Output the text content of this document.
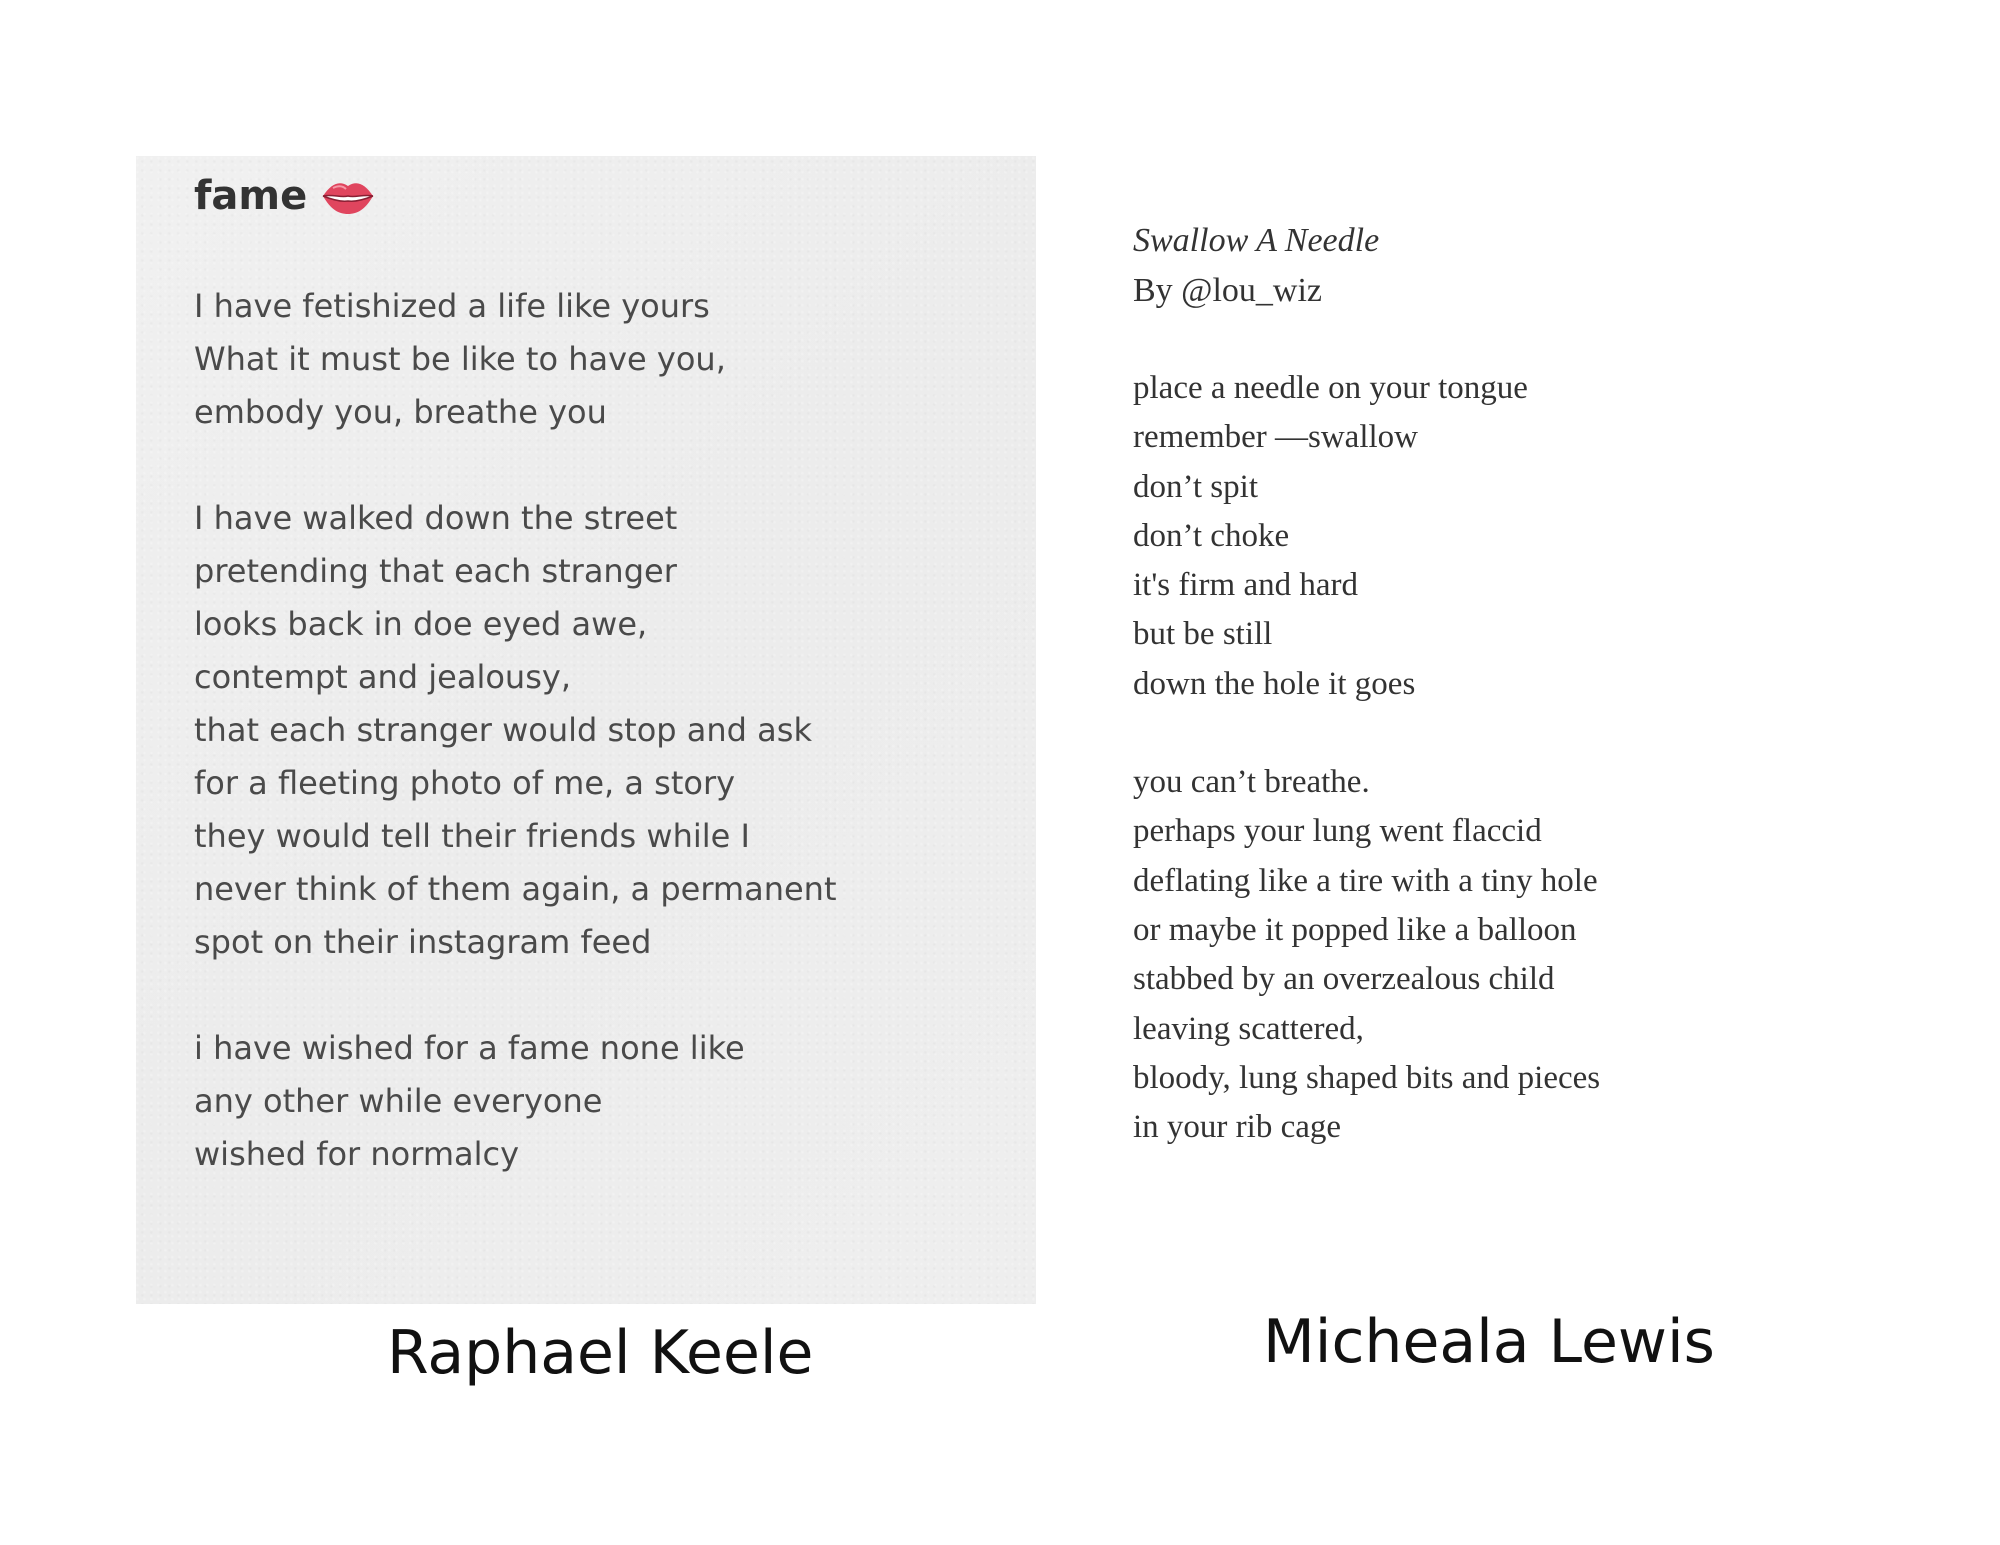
fame
I have fetishized a life like yours
What it must be like to have you,
embody you, breathe you
I have walked down the street
pretending that each stranger
looks back in doe eyed awe,
contempt and jealousy,
that each stranger would stop and ask
for a fleeting photo of me, a story
they would tell their friends while I
never think of them again, a permanent
spot on their instagram feed
i have wished for a fame none like
any other while everyone
wished for normalcy
Swallow A Needle
By @lou_wiz
place a needle on your tongue
remember —swallow
don’t spit
don’t choke
it's firm and hard
but be still
down the hole it goes
you can’t breathe.
perhaps your lung went flaccid
deflating like a tire with a tiny hole
or maybe it popped like a balloon
stabbed by an overzealous child
leaving scattered,
bloody, lung shaped bits and pieces
in your rib cage
Raphael Keele	Micheala Lewis
